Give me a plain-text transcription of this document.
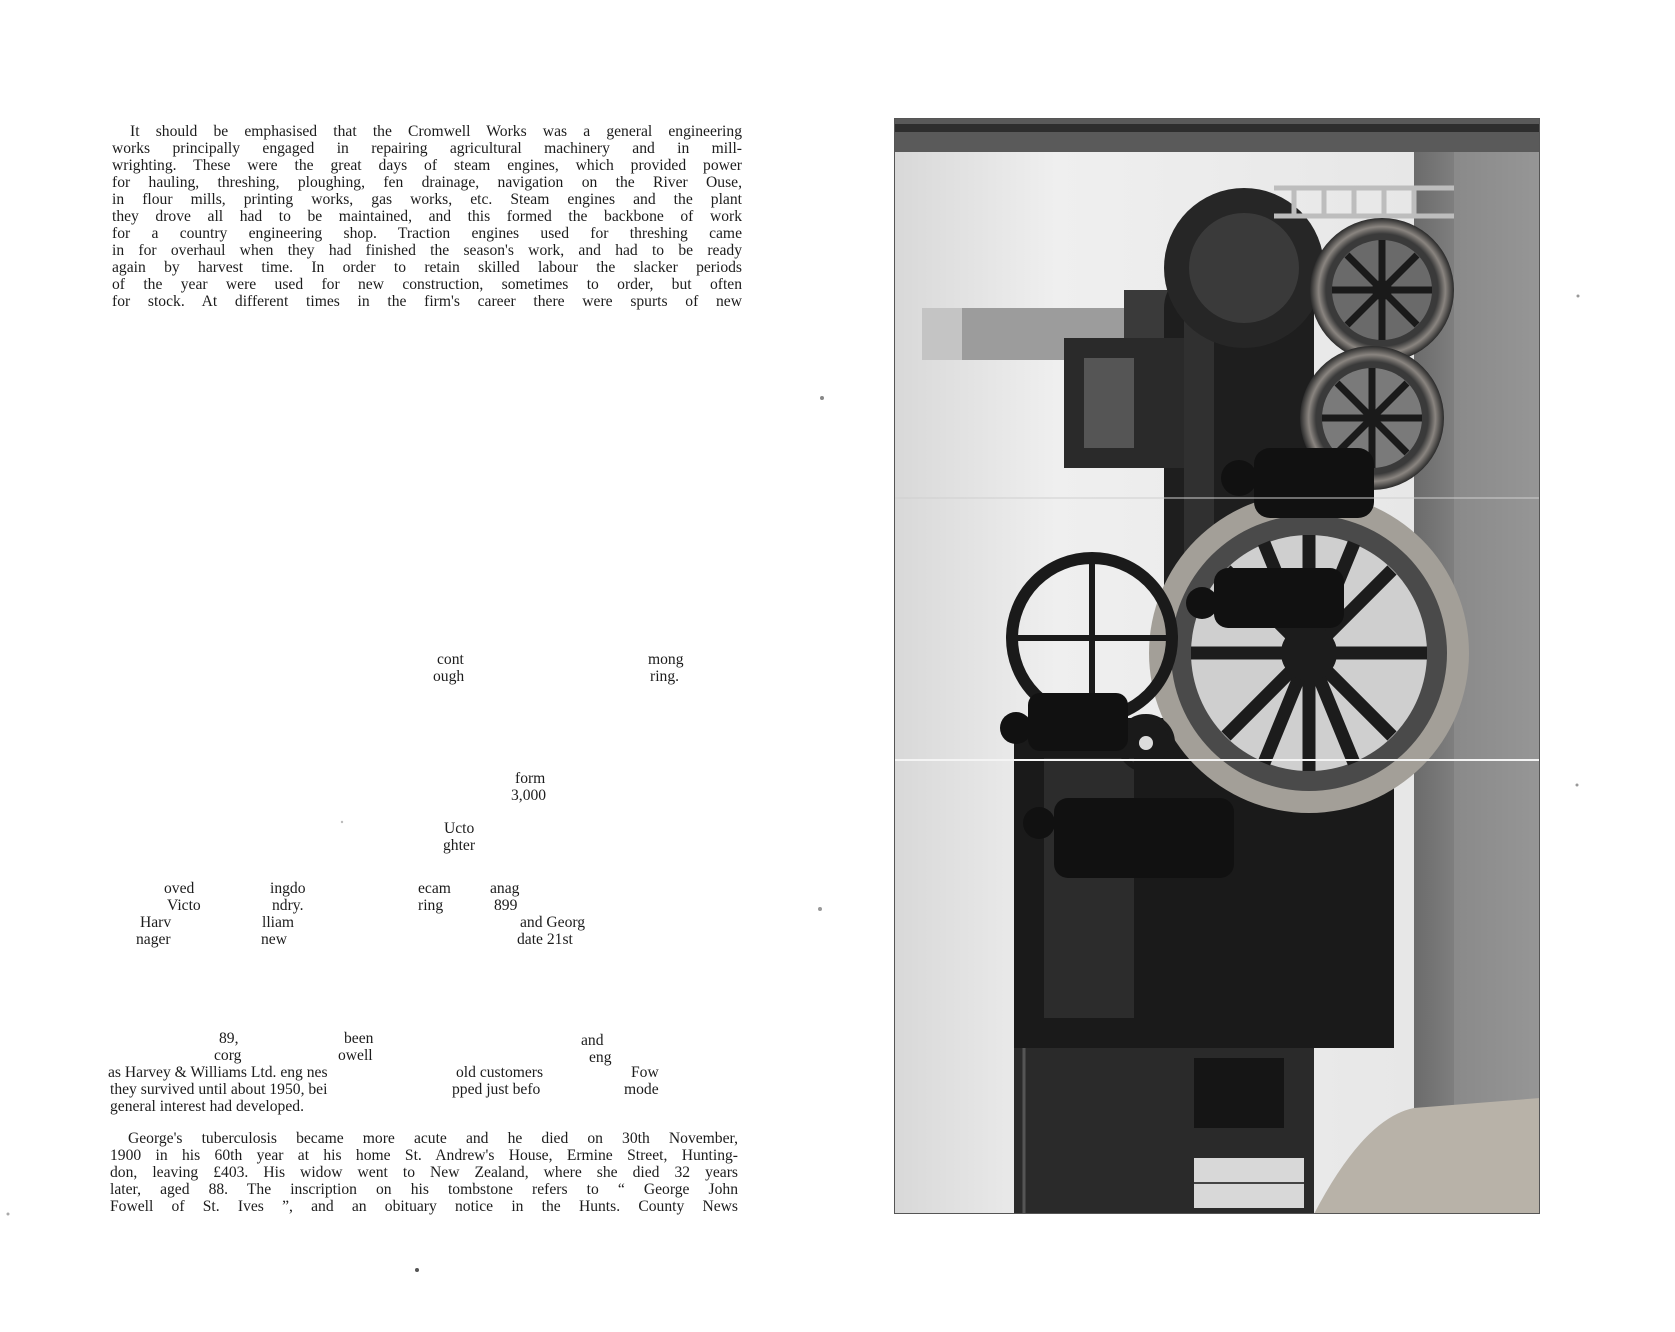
It should be emphasised that the Cromwell Works was a general engineering
works principally engaged in repairing agricultural machinery and in mill-
wrighting. These were the great days of steam engines, which provided power
for hauling, threshing, ploughing, fen drainage, navigation on the River Ouse,
in flour mills, printing works, gas works, etc. Steam engines and the plant
they drove all had to be maintained, and this formed the backbone of work
for a country engineering shop. Traction engines used for threshing came
in for overhaul when they had finished the season's work, and had to be ready
again by harvest time. In order to retain skilled labour the slacker periods
of the year were used for new construction, sometimes to order, but often
for stock. At different times in the firm's career there were spurts of new
cont
ough
mong
ring.
form
3,000
Ucto
ghter
oved
Victo
Harv
nager
ingdo
ndry.
lliam
new
ecam
ring
anag
899
and Georg
date 21st
89,
corg
been
owell
and
eng
as Harvey & Williams Ltd. eng nes
they survived until about 1950, bei
general interest had developed.
old customers
pped just befo
Fow
mode
George's tuberculosis became more acute and he died on 30th November,
1900 in his 60th year at his home St. Andrew's House, Ermine Street, Hunting-
don, leaving £403. His widow went to New Zealand, where she died 32 years
later, aged 88. The inscription on his tombstone refers to “ George John
Fowell of St. Ives ”, and an obituary notice in the Hunts. County News
